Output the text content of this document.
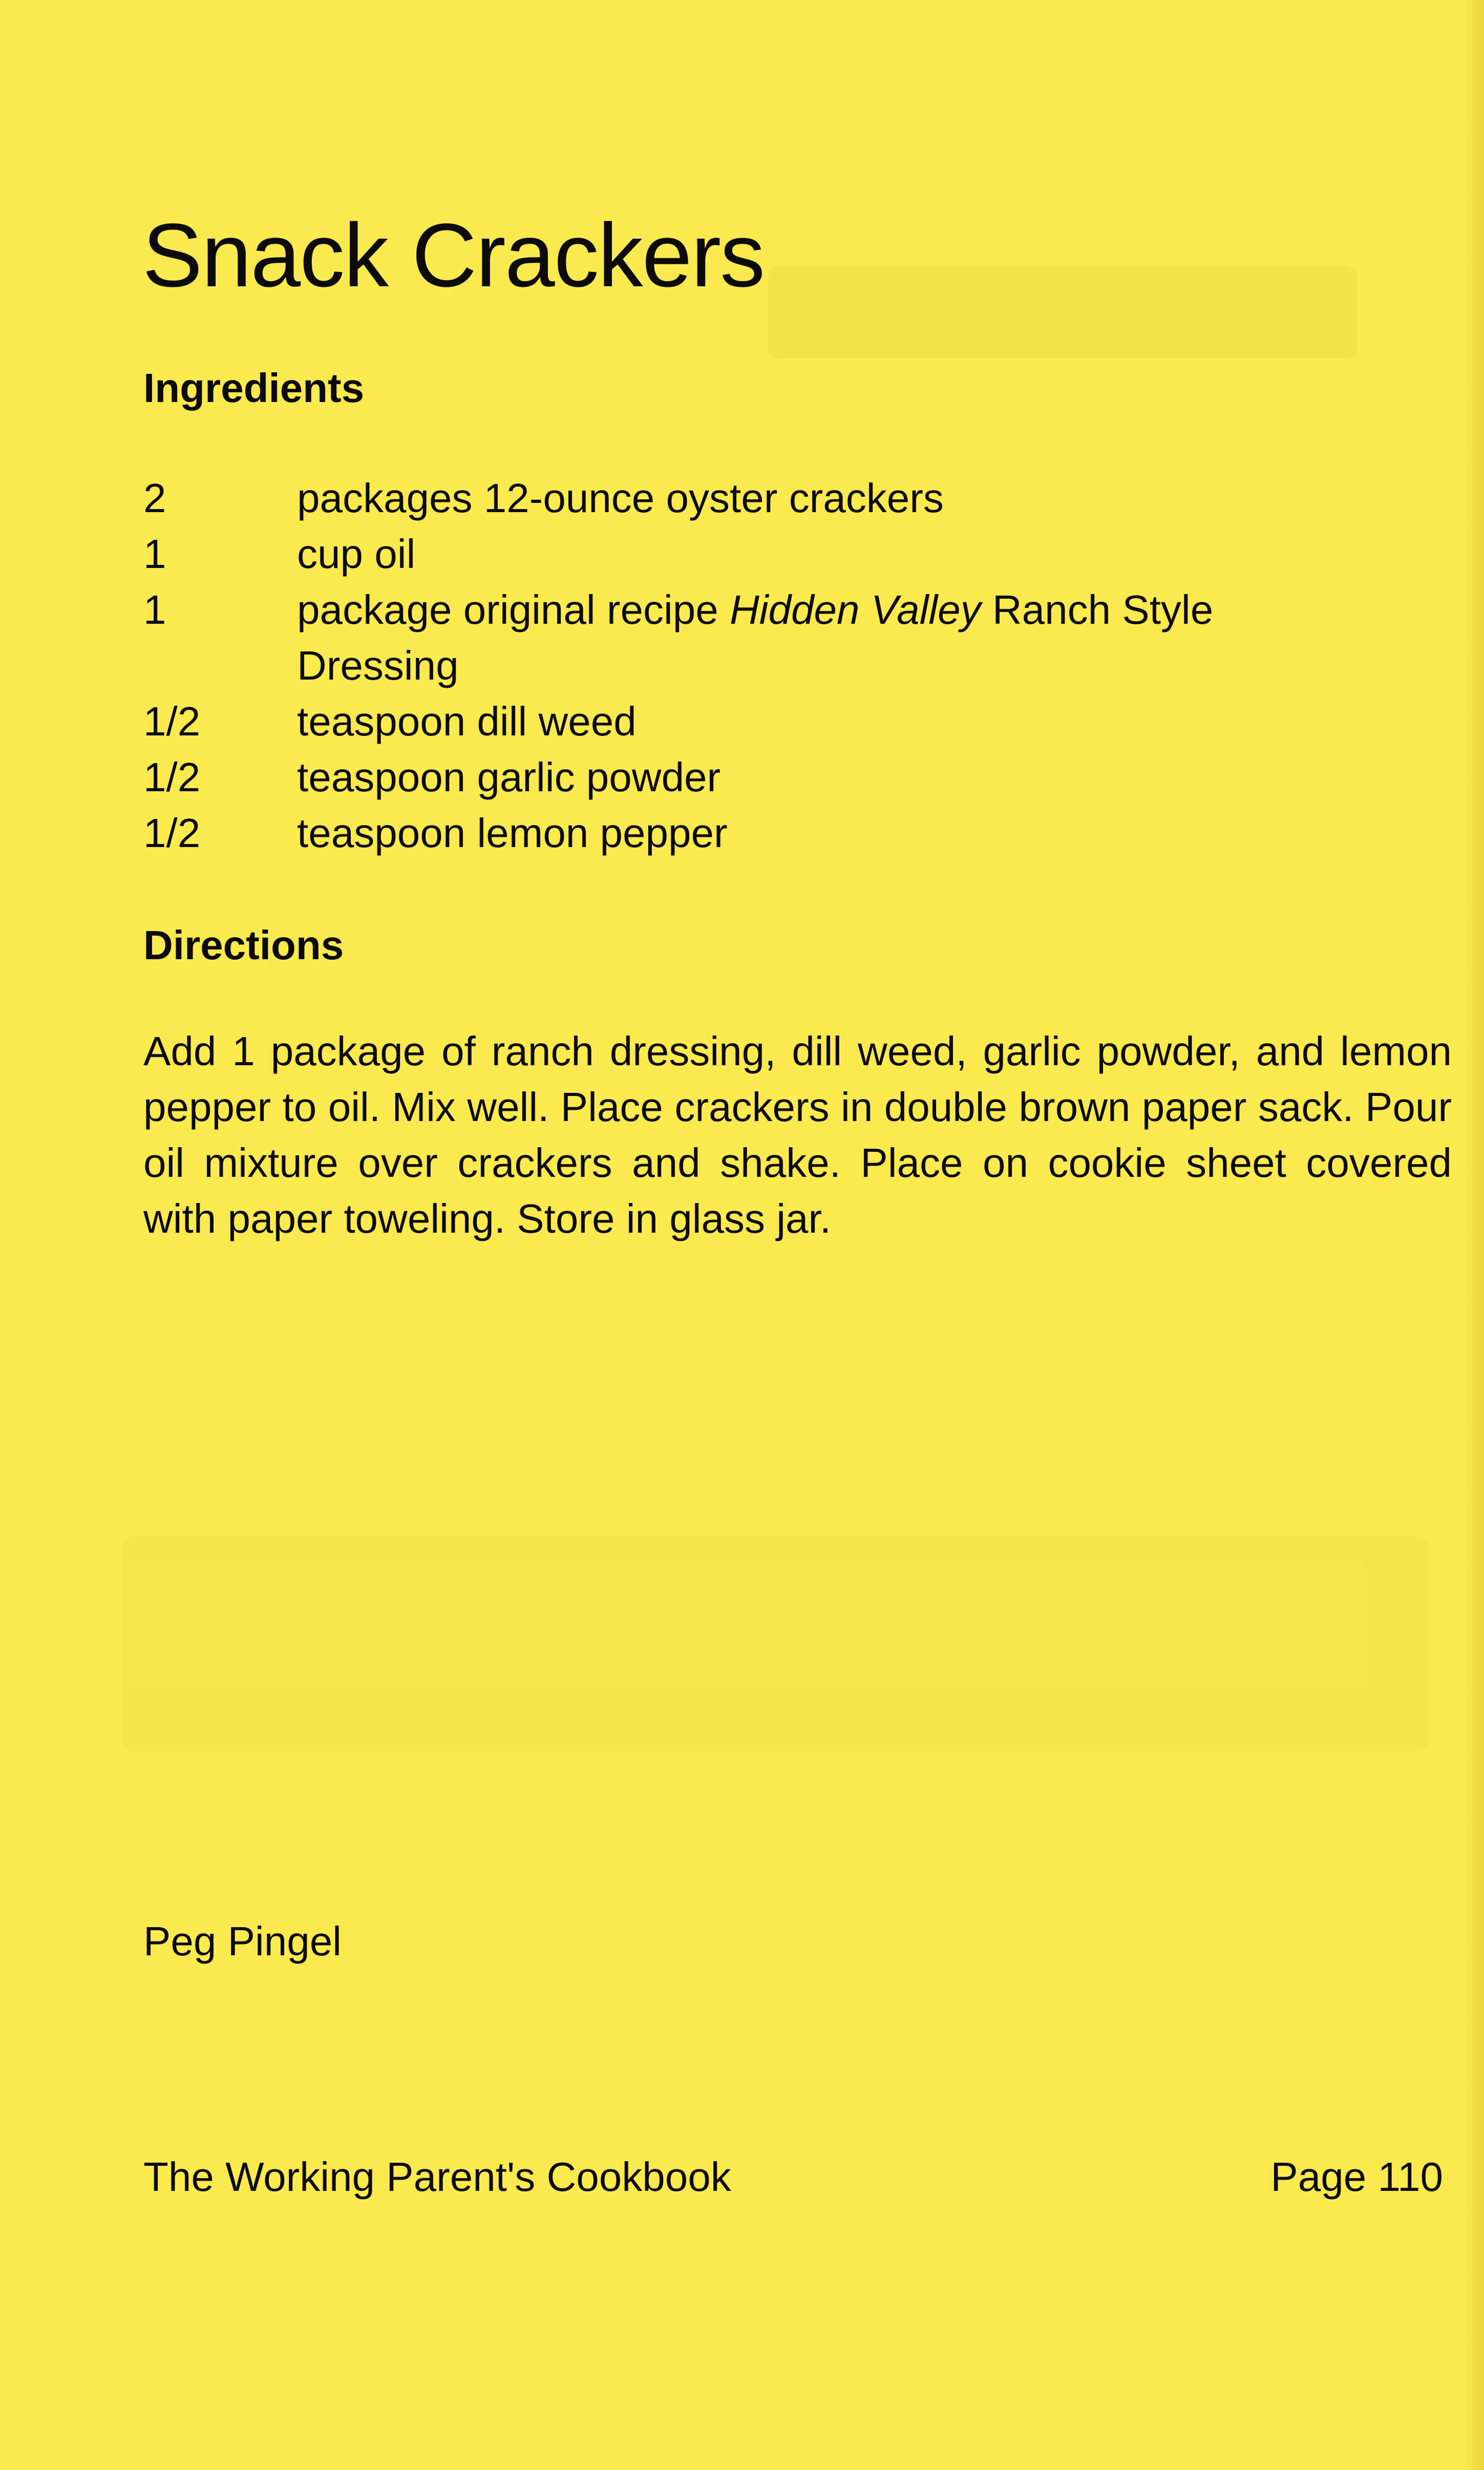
Snack Crackers
Ingredients
2	packages 12-ounce oyster crackers
1	cup oil
1	package original recipe Hidden Valley Ranch Style
Dressing
1/2	teaspoon dill weed
1/2	teaspoon garlic powder
1/2	teaspoon lemon pepper
Directions

Add 1 package of ranch dressing, dill weed, garlic powder, and lemon pepper to oil. Mix well. Place crackers in double brown paper sack. Pour oil mixture over crackers and shake. Place on cookie sheet covered with paper toweling. Store in glass jar.

Peg Pingel

The Working Parent's Cookbook	Page 110
